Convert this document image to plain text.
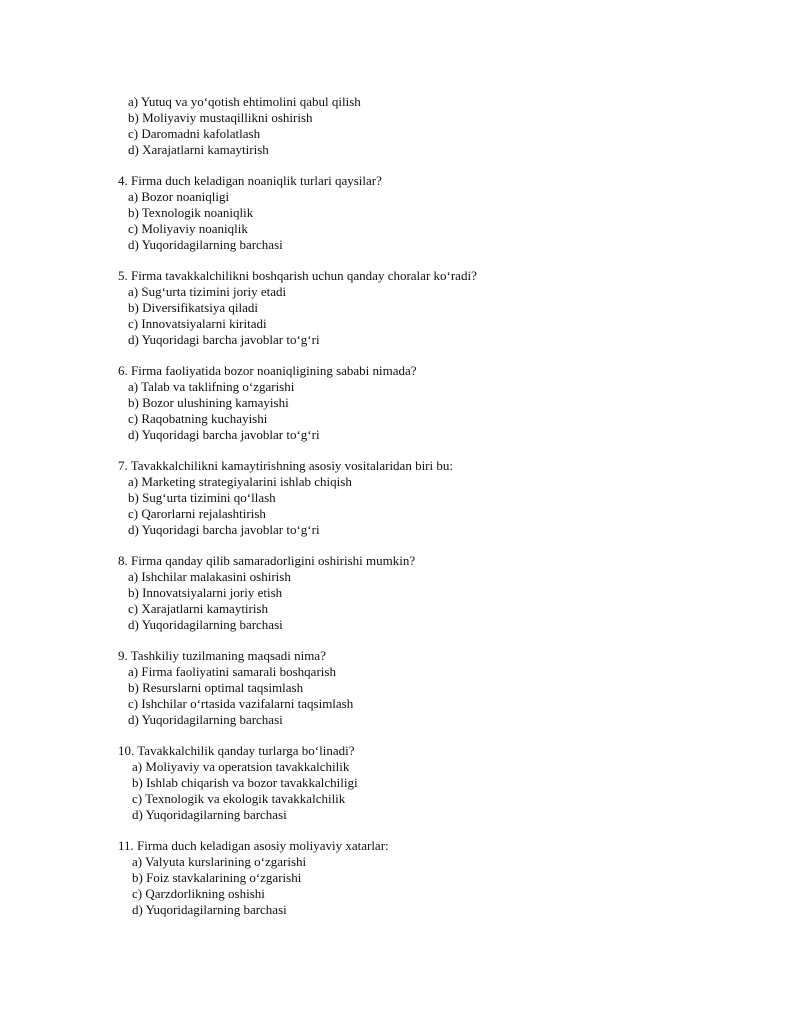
a) Yutuq va yo‘qotish ehtimolini qabul qilish
b) Moliyaviy mustaqillikni oshirish
c) Daromadni kafolatlash
d) Xarajatlarni kamaytirish
4. Firma duch keladigan noaniqlik turlari qaysilar?
a) Bozor noaniqligi
b) Texnologik noaniqlik
c) Moliyaviy noaniqlik
d) Yuqoridagilarning barchasi
5. Firma tavakkalchilikni boshqarish uchun qanday choralar ko‘radi?
a) Sug‘urta tizimini joriy etadi
b) Diversifikatsiya qiladi
c) Innovatsiyalarni kiritadi
d) Yuqoridagi barcha javoblar to‘g‘ri
6. Firma faoliyatida bozor noaniqligining sababi nimada?
a) Talab va taklifning o‘zgarishi
b) Bozor ulushining kamayishi
c) Raqobatning kuchayishi
d) Yuqoridagi barcha javoblar to‘g‘ri
7. Tavakkalchilikni kamaytirishning asosiy vositalaridan biri bu:
a) Marketing strategiyalarini ishlab chiqish
b) Sug‘urta tizimini qo‘llash
c) Qarorlarni rejalashtirish
d) Yuqoridagi barcha javoblar to‘g‘ri
8. Firma qanday qilib samaradorligini oshirishi mumkin?
a) Ishchilar malakasini oshirish
b) Innovatsiyalarni joriy etish
c) Xarajatlarni kamaytirish
d) Yuqoridagilarning barchasi
9. Tashkiliy tuzilmaning maqsadi nima?
a) Firma faoliyatini samarali boshqarish
b) Resurslarni optimal taqsimlash
c) Ishchilar o‘rtasida vazifalarni taqsimlash
d) Yuqoridagilarning barchasi
10. Tavakkalchilik qanday turlarga bo‘linadi?
a) Moliyaviy va operatsion tavakkalchilik
b) Ishlab chiqarish va bozor tavakkalchiligi
c) Texnologik va ekologik tavakkalchilik
d) Yuqoridagilarning barchasi
11. Firma duch keladigan asosiy moliyaviy xatarlar:
a) Valyuta kurslarining o‘zgarishi
b) Foiz stavkalarining o‘zgarishi
c) Qarzdorlikning oshishi
d) Yuqoridagilarning barchasi
